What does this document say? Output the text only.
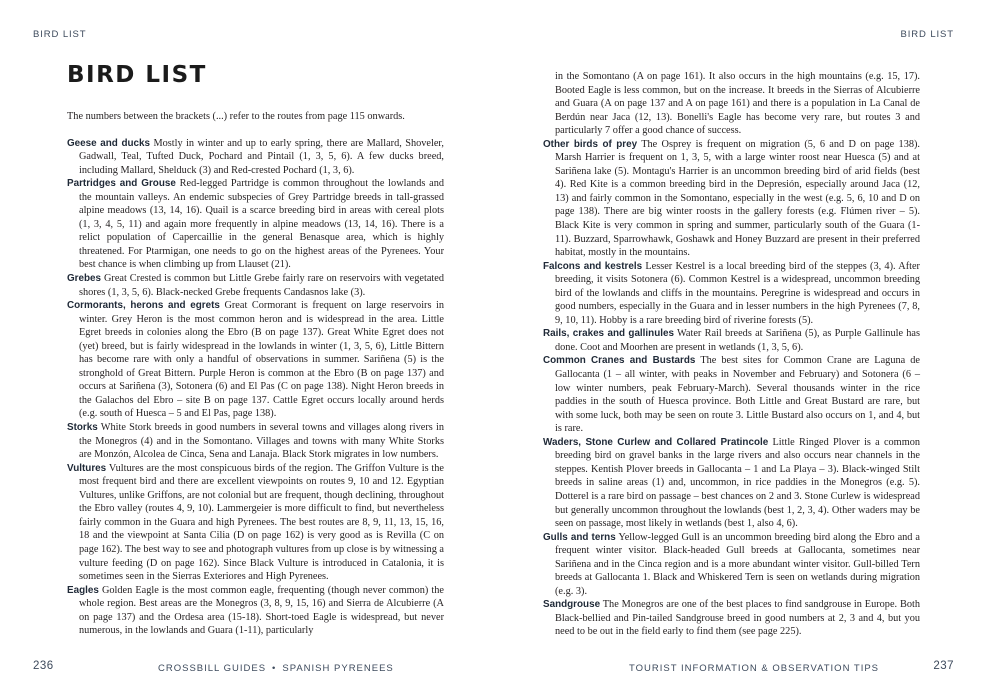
BIRD LIST	BIRD LIST
BIRD LIST

The numbers between the brackets (...) refer to the routes from page 115 onwards.

Geese and ducks Mostly in winter and up to early spring, there are Mallard, Shoveler, Gadwall, Teal, Tufted Duck, Pochard and Pintail (1, 3, 5, 6). A few ducks breed, including Mallard, Shelduck (3) and Red-crested Pochard (1, 3, 6).

Partridges and Grouse Red-legged Partridge is common throughout the lowlands and the mountain valleys. An endemic subspecies of Grey Partridge breeds in tall-grassed alpine meadows (13, 14, 16). Quail is a scarce breeding bird in areas with cereal plots (1, 3, 4, 5, 11) and again more frequently in alpine meadows (13, 14, 16). There is a relict population of Capercaillie in the general Benasque area, which is highly threatened. For Ptarmigan, one needs to go on the highest areas of the Pyrenees. Your best chance is when climbing up from Llauset (21).

Grebes Great Crested is common but Little Grebe fairly rare on reservoirs with vegetated shores (1, 3, 5, 6). Black-necked Grebe frequents Candasnos lake (3).

Cormorants, herons and egrets Great Cormorant is frequent on large reservoirs in winter. Grey Heron is the most common heron and is widespread in the area. Little Egret breeds in colonies along the Ebro (B on page 137). Great White Egret does not (yet) breed, but is fairly widespread in the lowlands in winter (1, 3, 5, 6), Little Bittern has become rare with only a handful of observations in summer. Sariñena (5) is the stronghold of Great Bittern. Purple Heron is common at the Ebro (B on page 137) and occurs at Sariñena (3), Sotonera (6) and El Pas (C on page 138). Night Heron breeds in the Galachos del Ebro – site B on page 137. Cattle Egret occurs locally around herds (e.g. south of Huesca – 5 and El Pas, page 138).

Storks White Stork breeds in good numbers in several towns and villages along rivers in the Monegros (4) and in the Somontano. Villages and towns with many White Storks are Monzón, Alcolea de Cinca, Sena and Lanaja. Black Stork migrates in low numbers.

Vultures Vultures are the most conspicuous birds of the region. The Griffon Vulture is the most frequent bird and there are excellent viewpoints on routes 9, 10 and 12. Egyptian Vultures, unlike Griffons, are not colonial but are frequent, though declining, throughout the Ebro valley (routes 4, 9, 10). Lammergeier is more difficult to find, but nevertheless fairly common in the Guara and high Pyrenees. The best routes are 8, 9, 11, 13, 15, 16, 18 and the viewpoint at Santa Cilia (D on page 162) is very good as is Revilla (C on page 162). The best way to see and photograph vultures from up close is by witnessing a vulture feeding (D on page 162). Since Black Vulture is introduced in Catalonia, it is sometimes seen in the Sierras Exteriores and High Pyrenees.

Eagles Golden Eagle is the most common eagle, frequenting (though never common) the whole region. Best areas are the Monegros (3, 8, 9, 15, 16) and Sierra de Alcubierre (A on page 137) and the Ordesa area (15-18). Short-toed Eagle is widespread, but never numerous, in the lowlands and Guara (1-11), particularly

in the Somontano (A on page 161). It also occurs in the high mountains (e.g. 15, 17). Booted Eagle is less common, but on the increase. It breeds in the Sierras of Alcubierre and Guara (A on page 137 and A on page 161) and there is a population in La Canal de Berdún near Jaca (12, 13). Bonelli's Eagle has become very rare, but routes 3 and particularly 7 offer a good chance of success.

Other birds of prey The Osprey is frequent on migration (5, 6 and D on page 138). Marsh Harrier is frequent on 1, 3, 5, with a large winter roost near Huesca (5) and at Sariñena lake (5). Montagu's Harrier is an uncommon breeding bird of arid fields (best 4). Red Kite is a common breeding bird in the Depresión, especially around Jaca (12, 13) and fairly common in the Somontano, especially in the west (e.g. 5, 6, 10 and D on page 138). There are big winter roosts in the gallery forests (e.g. Flúmen river – 5). Black Kite is very common in spring and summer, particularly south of the Guara (1-11). Buzzard, Sparrowhawk, Goshawk and Honey Buzzard are present in their preferred habitat, mostly in the mountains.

Falcons and kestrels Lesser Kestrel is a local breeding bird of the steppes (3, 4). After breeding, it visits Sotonera (6). Common Kestrel is a widespread, uncommon breeding bird of the lowlands and cliffs in the mountains. Peregrine is widespread and occurs in good numbers, especially in the Guara and in lesser numbers in the high Pyrenees (7, 8, 9, 10, 11). Hobby is a rare breeding bird of riverine forests (5).

Rails, crakes and gallinules Water Rail breeds at Sariñena (5), as Purple Gallinule has done. Coot and Moorhen are present in wetlands (1, 3, 5, 6).

Common Cranes and Bustards The best sites for Common Crane are Laguna de Gallocanta (1 – all winter, with peaks in November and February) and Sotonera (6 – low winter numbers, peak February-March). Several thousands winter in the rice paddies in the south of Huesca province. Both Little and Great Bustard are rare, but with some luck, both may be seen on route 3. Little Bustard also occurs on 1, and 4, but is rare.

Waders, Stone Curlew and Collared Pratincole Little Ringed Plover is a common breeding bird on gravel banks in the large rivers and also occurs near channels in the steppes. Kentish Plover breeds in Gallocanta – 1 and La Playa – 3). Black-winged Stilt breeds in saline areas (1) and, uncommon, in rice paddies in the Monegros (e.g. 5). Dotterel is a rare bird on passage – best chances on 2 and 3. Stone Curlew is widespread but generally uncommon throughout the lowlands (best 1, 2, 3, 4). Other waders may be seen on passage, most likely in wetlands (best 1, also 4, 6).

Gulls and terns Yellow-legged Gull is an uncommon breeding bird along the Ebro and a frequent winter visitor. Black-headed Gull breeds at Gallocanta, sometimes near Sariñena and in the Cinca region and is a more abundant winter visitor. Gull-billed Tern breeds at Gallocanta 1. Black and Whiskered Tern is seen on wetlands during migration (e.g. 3).

Sandgrouse The Monegros are one of the best places to find sandgrouse in Europe. Both Black-bellied and Pin-tailed Sandgrouse breed in good numbers at 2, 3 and 4, but you need to be out in the field early to find them (see page 225).

236	CROSSBILL GUIDES • SPANISH PYRENEES	TOURIST INFORMATION & OBSERVATION TIPS	237
